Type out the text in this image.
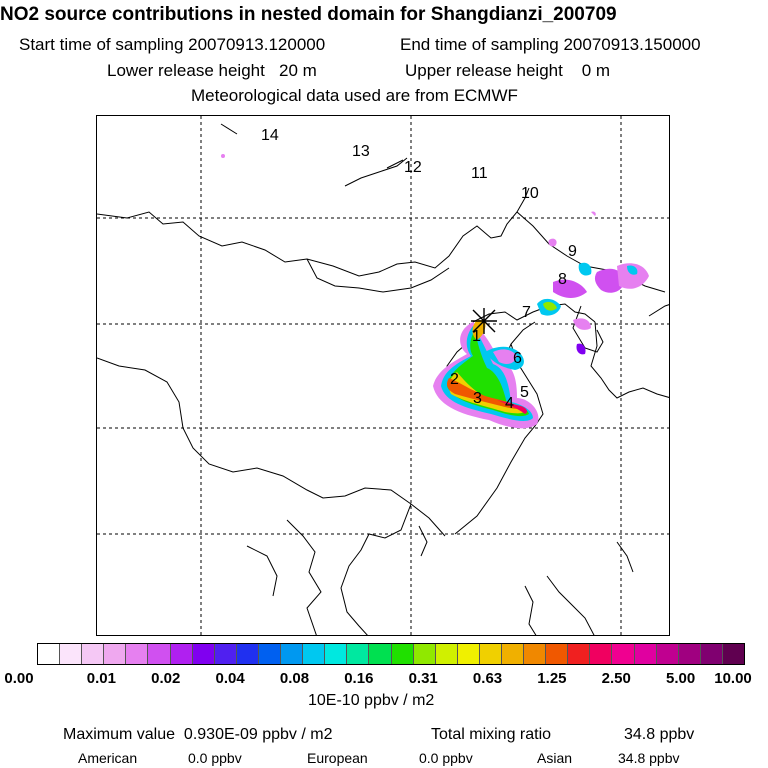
NO2 source contributions in nested domain for Shangdianzi_200709
Start time of sampling 20070913.120000	End time of sampling 20070913.150000
Lower release height   20 m	Upper release height    0 m
Meteorological data used are from ECMWF
1
2
3 4
5
6
7
8
9
10
11
12
13
14
0.00	0.01 0.02 0.04 0.08 0.16 0.31 0.63 1.25 2.50 5.00 10.00
10E-10 ppbv / m2
Maximum value  0.930E-09 ppbv / m2	Total mixing ratio	34.8 ppbv
American	0.0 ppbv	European	0.0 ppbv	Asian	34.8 ppbv
